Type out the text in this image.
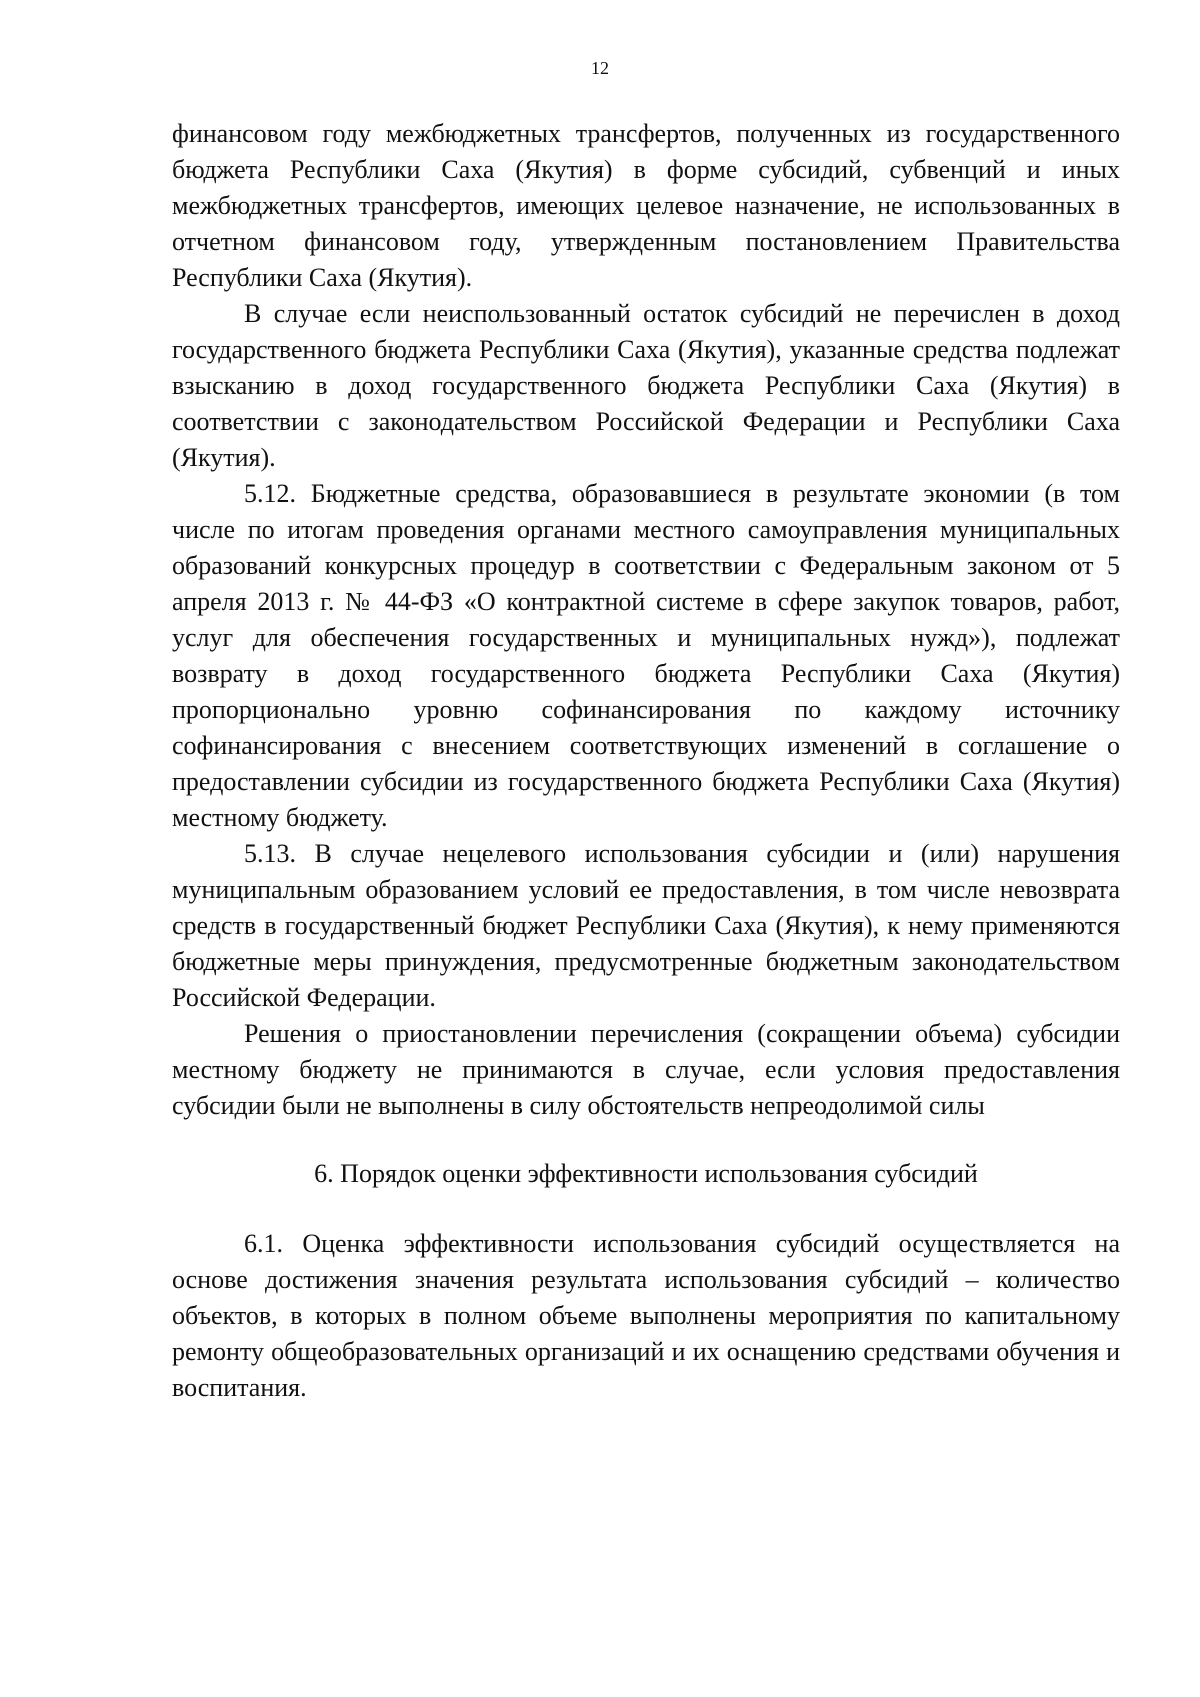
12

финансовом году межбюджетных трансфертов, полученных из государственного бюджета Республики Саха (Якутия) в форме субсидий, субвенций и иных межбюджетных трансфертов, имеющих целевое назначение, не использованных в отчетном финансовом году, утвержденным постановлением Правительства Республики Саха (Якутия).

В случае если неиспользованный остаток субсидий не перечислен в доход государственного бюджета Республики Саха (Якутия), указанные средства подлежат взысканию в доход государственного бюджета Республики Саха (Якутия) в соответствии с законодательством Российской Федерации и Республики Саха (Якутия).

5.12. Бюджетные средства, образовавшиеся в результате экономии (в том числе по итогам проведения органами местного самоуправления муниципальных образований конкурсных процедур в соответствии с Федеральным законом от 5 апреля 2013 г. № 44-ФЗ «О контрактной системе в сфере закупок товаров, работ, услуг для обеспечения государственных и муниципальных нужд»), подлежат возврату в доход государственного бюджета Республики Саха (Якутия) пропорционально уровню софинансирования по каждому источнику софинансирования с внесением соответствующих изменений в соглашение о предоставлении субсидии из государственного бюджета Республики Саха (Якутия) местному бюджету.

5.13. В случае нецелевого использования субсидии и (или) нарушения муниципальным образованием условий ее предоставления, в том числе невозврата средств в государственный бюджет Республики Саха (Якутия), к нему применяются бюджетные меры принуждения, предусмотренные бюджетным законодательством Российской Федерации.

Решения о приостановлении перечисления (сокращении объема) субсидии местному бюджету не принимаются в случае, если условия предоставления субсидии были не выполнены в силу обстоятельств непреодолимой силы

6. Порядок оценки эффективности использования субсидий

6.1. Оценка эффективности использования субсидий осуществляется на основе достижения значения результата использования субсидий – количество объектов, в которых в полном объеме выполнены мероприятия по капитальному ремонту общеобразовательных организаций и их оснащению средствами обучения и воспитания.
